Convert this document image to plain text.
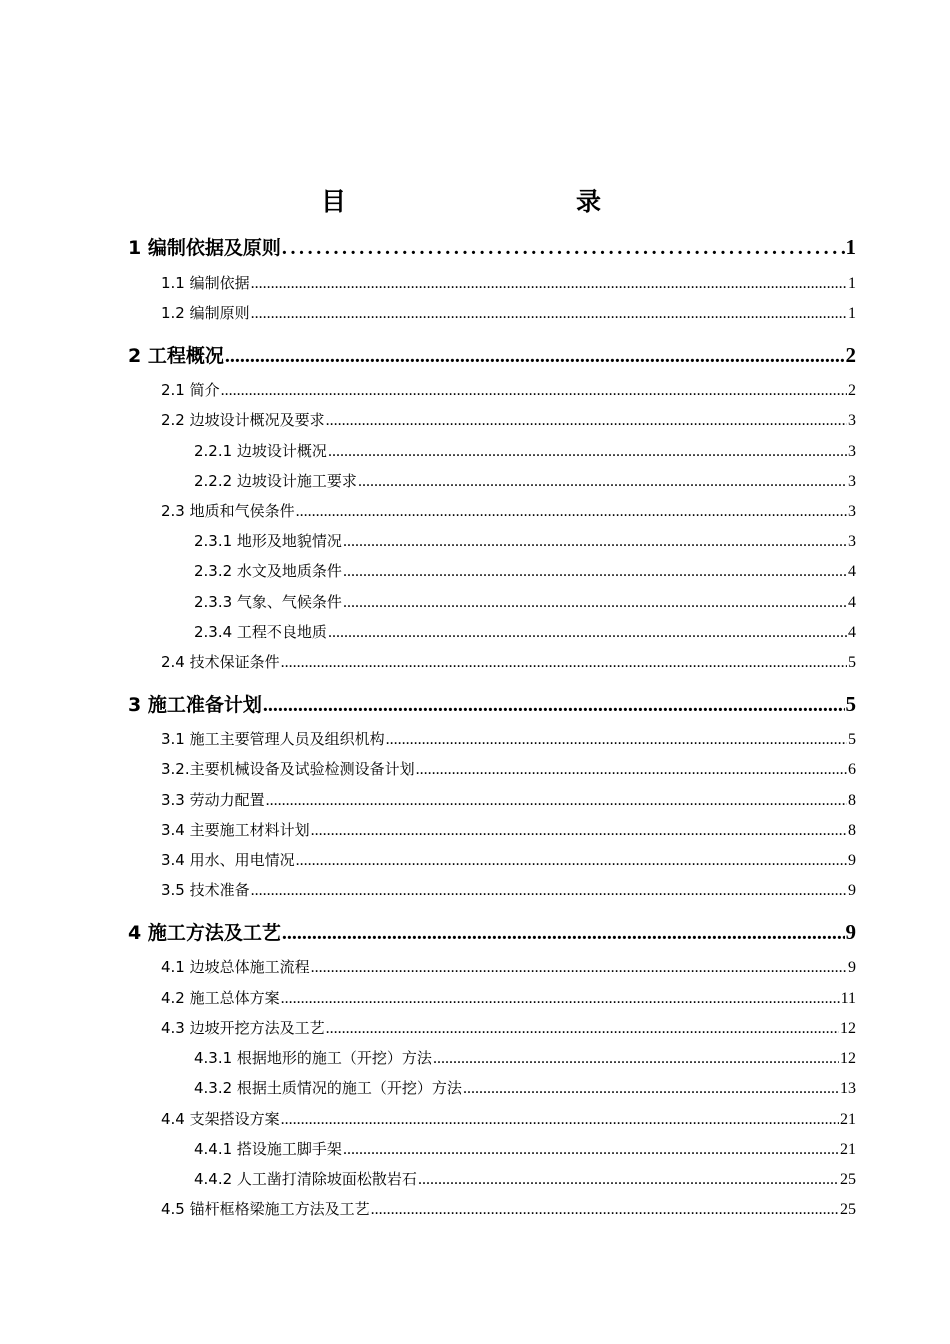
目　　录
1 编制依据及原则 .....	1
1.1 编制依据 .....	1
1.2 编制原则 .....	1
2 工程概况 .....	2
2.1 简介 .....	2
2.2 边坡设计概况及要求 .....	3
2.2.1 边坡设计概况 .....	3
2.2.2 边坡设计施工要求 .....	3
2.3 地质和气侯条件 .....	3
2.3.1 地形及地貌情况 .....	3
2.3.2 水文及地质条件 .....	4
2.3.3 气象、气候条件 .....	4
2.3.4 工程不良地质 .....	4
2.4 技术保证条件 .....	5
3 施工准备计划 .....	5
3.1 施工主要管理人员及组织机构 .....	5
3.2.主要机械设备及试验检测设备计划 .....	6
3.3 劳动力配置 .....	8
3.4 主要施工材料计划 .....	8
3.4 用水、用电情况 .....	9
3.5 技术准备 .....	9
4 施工方法及工艺 .....	9
4.1 边坡总体施工流程 .....	9
4.2 施工总体方案 .....	11
4.3 边坡开挖方法及工艺 .....	12
4.3.1 根据地形的施工（开挖）方法 .....	12
4.3.2 根据土质情况的施工（开挖）方法 .....	13
4.4 支架搭设方案 .....	21
4.4.1 搭设施工脚手架 .....	21
4.4.2 人工凿打清除坡面松散岩石 .....	25
4.5 锚杆框格梁施工方法及工艺 .....	25
